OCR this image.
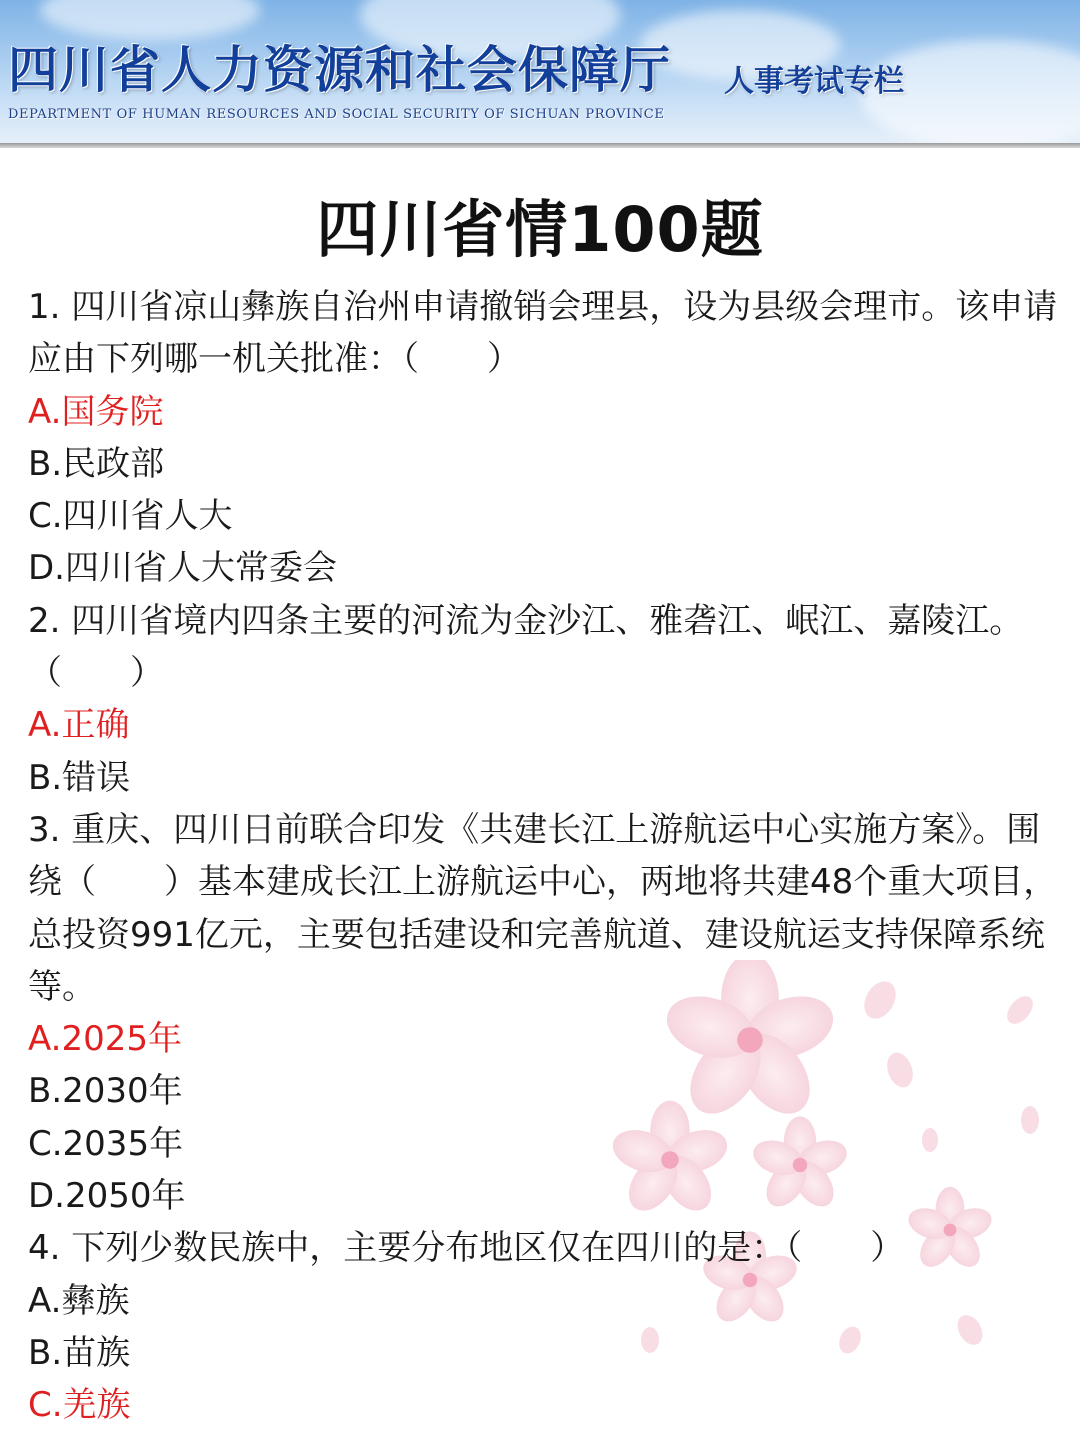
四川省人力资源和社会保障厅
DEPARTMENT OF HUMAN RESOURCES AND SOCIAL SECURITY OF SICHUAN PROVINCE
人事考试专栏
四川省情100题

1. 四川省凉山彝族自治州申请撤销会理县，设为县级会理市。该申请应由下列哪一机关批准：（　　）

A.国务院

B.民政部

C.四川省人大

D.四川省人大常委会

2. 四川省境内四条主要的河流为金沙江、雅砻江、岷江、嘉陵江。（　　）

A.正确

B.错误

3. 重庆、四川日前联合印发《共建长江上游航运中心实施方案》。围绕（　　）基本建成长江上游航运中心，两地将共建48个重大项目，总投资991亿元，主要包括建设和完善航道、建设航运支持保障系统等。

A.2025年

B.2030年

C.2035年

D.2050年

4. 下列少数民族中，主要分布地区仅在四川的是：（　　）

A.彝族

B.苗族

C.羌族
